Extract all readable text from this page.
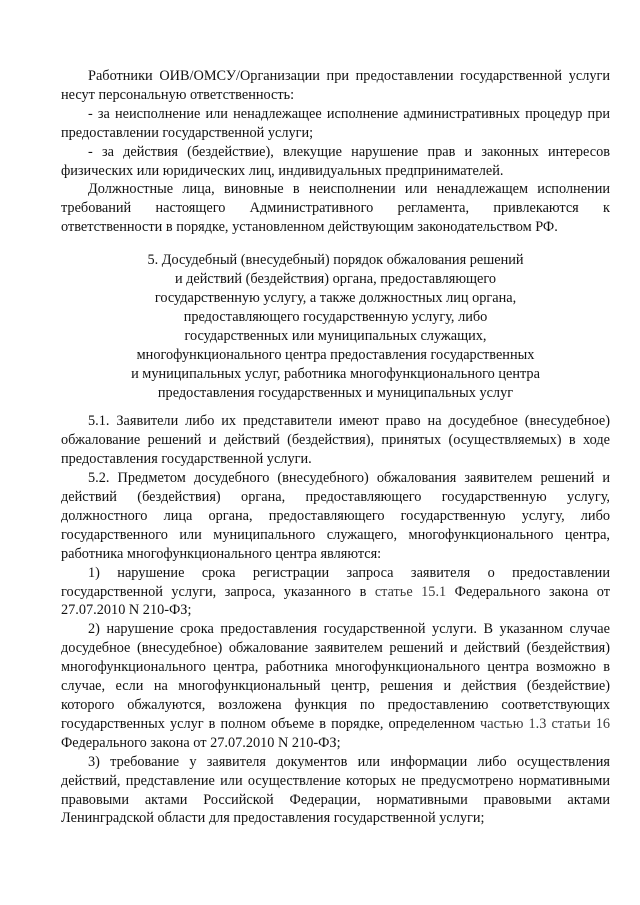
Работники ОИВ/ОМСУ/Организации при предоставлении государственной услуги несут персональную ответственность:

- за неисполнение или ненадлежащее исполнение административных процедур при предоставлении государственной услуги;

- за действия (бездействие), влекущие нарушение прав и законных интересов физических или юридических лиц, индивидуальных предпринимателей.

Должностные лица, виновные в неисполнении или ненадлежащем исполнении требований настоящего Административного регламента, привлекаются к ответственности в порядке, установленном действующим законодательством РФ.

5. Досудебный (внесудебный) порядок обжалования решений
и действий (бездействия) органа, предоставляющего
государственную услугу, а также должностных лиц органа,
предоставляющего государственную услугу, либо
государственных или муниципальных служащих,
многофункционального центра предоставления государственных
и муниципальных услуг, работника многофункционального центра
предоставления государственных и муниципальных услуг

5.1. Заявители либо их представители имеют право на досудебное (внесудебное) обжалование решений и действий (бездействия), принятых (осуществляемых) в ходе предоставления государственной услуги.

5.2. Предметом досудебного (внесудебного) обжалования заявителем решений и действий (бездействия) органа, предоставляющего государственную услугу, должностного лица органа, предоставляющего государственную услугу, либо государственного или муниципального служащего, многофункционального центра, работника многофункционального центра являются:

1) нарушение срока регистрации запроса заявителя о предоставлении государственной услуги, запроса, указанного в статье 15.1 Федерального закона от 27.07.2010 N 210-ФЗ;

2) нарушение срока предоставления государственной услуги. В указанном случае досудебное (внесудебное) обжалование заявителем решений и действий (бездействия) многофункционального центра, работника многофункционального центра возможно в случае, если на многофункциональный центр, решения и действия (бездействие) которого обжалуются, возложена функция по предоставлению соответствующих государственных услуг в полном объеме в порядке, определенном частью 1.3 статьи 16 Федерального закона от 27.07.2010 N 210-ФЗ;

3) требование у заявителя документов или информации либо осуществления действий, представление или осуществление которых не предусмотрено нормативными правовыми актами Российской Федерации, нормативными правовыми актами Ленинградской области для предоставления государственной услуги;
